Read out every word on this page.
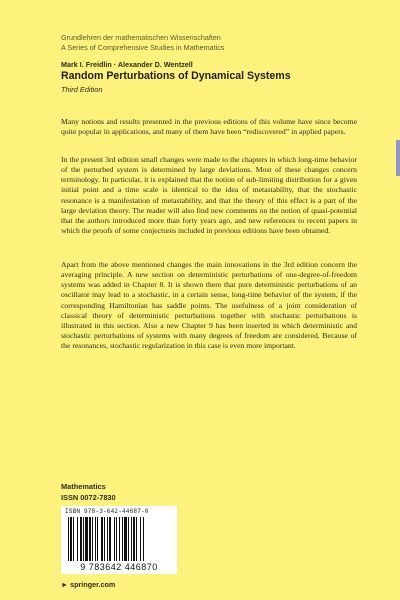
Grundlehren der mathematischen Wissenschaften
A Series of Comprehensive Studies in Mathematics
Mark I. Freidlin · Alexander D. Wentzell
Random Perturbations of Dynamical Systems
Third Edition

Many notions and results presented in the previous editions of this volume have since become quite popular in applications, and many of them have been “rediscovered” in applied papers.

In the present 3rd edition small changes were made to the chapters in which long-time behavior of the perturbed system is determined by large deviations. Most of these changes concern terminology. In particular, it is explained that the notion of sub-limiting distribution for a given initial point and a time scale is identical to the idea of metastability, that the stochastic resonance is a manifestation of metastability, and that the theory of this effect is a part of the large deviation theory. The reader will also find new comments on the notion of quasi-potential that the authors introduced more than forty years ago, and new references to recent papers in which the proofs of some conjectures included in previous editions have been obtained.

Apart from the above mentioned changes the main innovations in the 3rd edition concern the averaging principle. A new section on deterministic perturbations of one-degree-of-freedom systems was added in Chapter 8. It is shown there that pure deterministic perturbations of an oscillator may lead to a stochastic, in a certain sense, long-time behavior of the system, if the corresponding Hamiltonian has saddle points. The usefulness of a joint consideration of classical theory of deterministic perturbations together with stochastic perturbations is illustrated in this section. Also a new Chapter 9 has been inserted in which deterministic and stochastic perturbations of systems with many degrees of freedom are considered. Because of the resonances, stochastic regularization in this case is even more important.

Mathematics
ISSN 0072-7830
ISBN 978-3-642-44687-0
9 783642 446870
► springer.com
